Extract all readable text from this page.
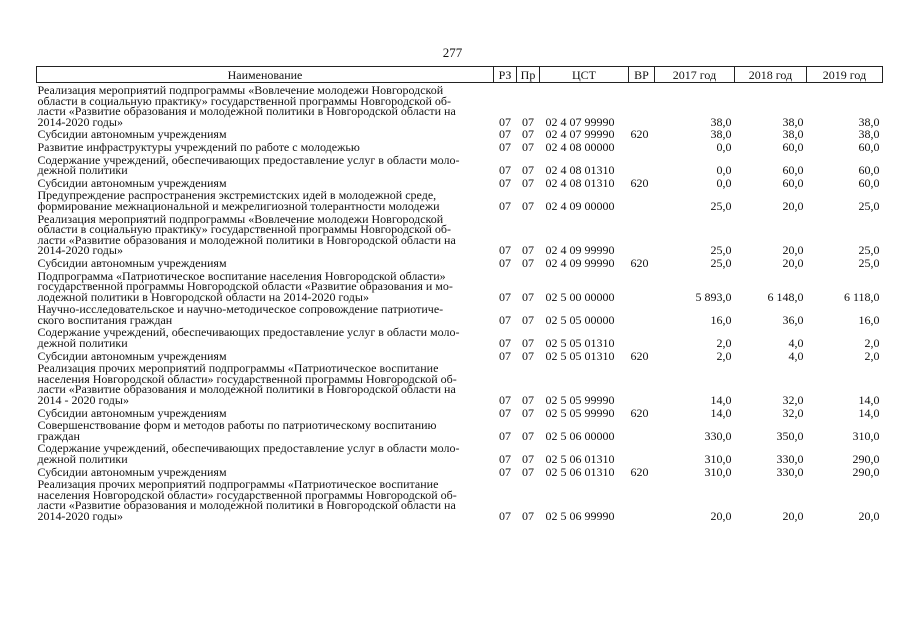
277
Наименование	РЗ	Пр	ЦСТ	ВР	2017 год	2018 год	2019 год

Реализация мероприятий подпрограммы «Вовлечение молодежи Новгородской
области в социальную практику» государственной программы Новгородской об-
ласти «Развитие образования и молодежной политики в Новгородской области на
2014-2020 годы»	07	07	02 4 07 99990		38,0	38,0	38,0

Субсидии автономным учреждениям	07	07	02 4 07 99990	620	38,0	38,0	38,0

Развитие инфраструктуры учреждений по работе с молодежью	07	07	02 4 08 00000		0,0	60,0	60,0

Содержание учреждений, обеспечивающих предоставление услуг в области моло-
дежной политики	07	07	02 4 08 01310		0,0	60,0	60,0

Субсидии автономным учреждениям	07	07	02 4 08 01310	620	0,0	60,0	60,0

Предупреждение распространения экстремистских идей в молодежной среде,
формирование межнациональной и межрелигиозной толерантности молодежи	07	07	02 4 09 00000		25,0	20,0	25,0

Реализация мероприятий подпрограммы «Вовлечение молодежи Новгородской
области в социальную практику» государственной программы Новгородской об-
ласти «Развитие образования и молодежной политики в Новгородской области на
2014-2020 годы»	07	07	02 4 09 99990		25,0	20,0	25,0

Субсидии автономным учреждениям	07	07	02 4 09 99990	620	25,0	20,0	25,0

Подпрограмма «Патриотическое воспитание населения Новгородской области»
государственной программы Новгородской области «Развитие образования и мо-
лодежной политики в Новгородской области на 2014-2020 годы»	07	07	02 5 00 00000		5 893,0	6 148,0	6 118,0

Научно-исследовательское и научно-методическое сопровождение патриотиче-
ского воспитания граждан	07	07	02 5 05 00000		16,0	36,0	16,0

Содержание учреждений, обеспечивающих предоставление услуг в области моло-
дежной политики	07	07	02 5 05 01310		2,0	4,0	2,0

Субсидии автономным учреждениям	07	07	02 5 05 01310	620	2,0	4,0	2,0

Реализация прочих мероприятий подпрограммы «Патриотическое воспитание
населения Новгородской области» государственной программы Новгородской об-
ласти «Развитие образования и молодежной политики в Новгородской области на
2014 - 2020 годы»	07	07	02 5 05 99990		14,0	32,0	14,0

Субсидии автономным учреждениям	07	07	02 5 05 99990	620	14,0	32,0	14,0

Совершенствование форм и методов работы по патриотическому воспитанию
граждан	07	07	02 5 06 00000		330,0	350,0	310,0

Содержание учреждений, обеспечивающих предоставление услуг в области моло-
дежной политики	07	07	02 5 06 01310		310,0	330,0	290,0

Субсидии автономным учреждениям	07	07	02 5 06 01310	620	310,0	330,0	290,0

Реализация прочих мероприятий подпрограммы «Патриотическое воспитание
населения Новгородской области» государственной программы Новгородской об-
ласти «Развитие образования и молодежной политики в Новгородской области на
2014-2020 годы»	07	07	02 5 06 99990		20,0	20,0	20,0
